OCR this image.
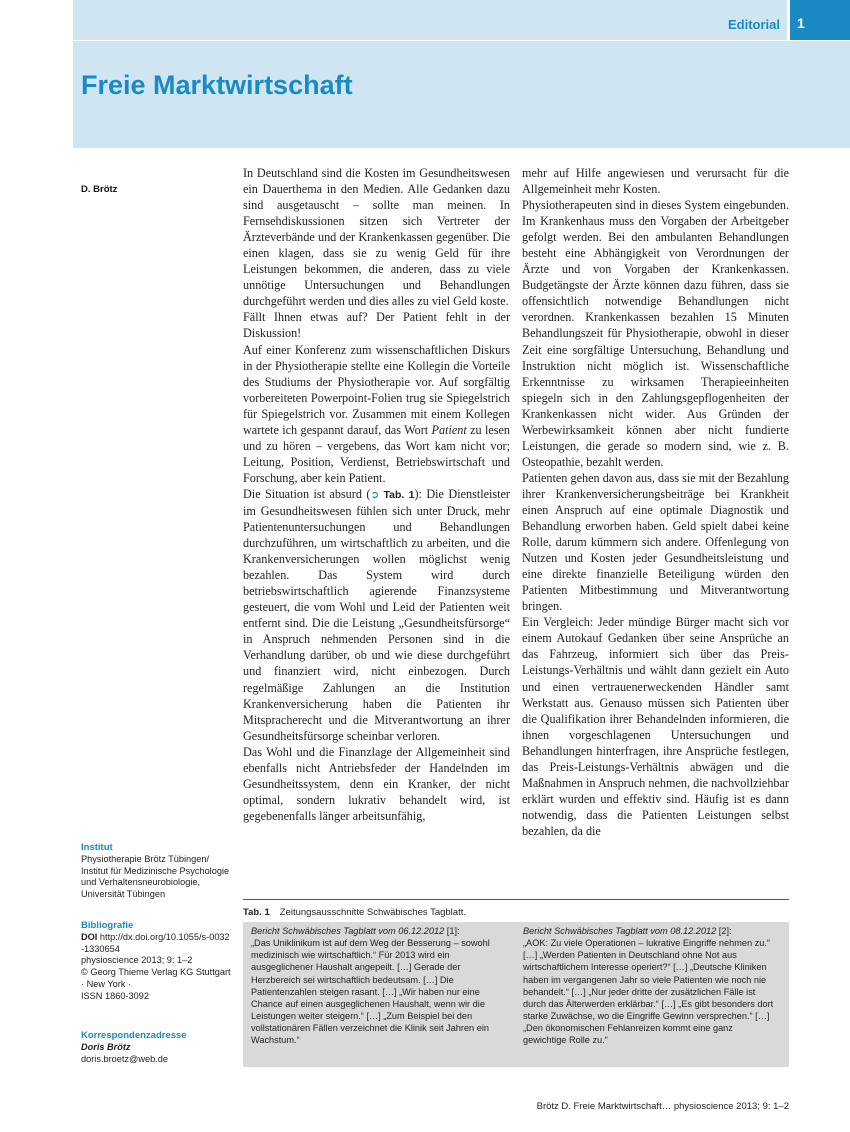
Editorial 1
Freie Marktwirtschaft
D. Brötz

In Deutschland sind die Kosten im Gesundheitswesen ein Dauerthema in den Medien. Alle Gedanken dazu sind ausgetauscht – sollte man meinen. In Fernsehdiskussionen sitzen sich Vertreter der Ärzteverbände und der Krankenkassen gegenüber. Die einen klagen, dass sie zu wenig Geld für ihre Leistungen bekommen, die anderen, dass zu viele unnötige Untersuchungen und Behandlungen durchgeführt werden und dies alles zu viel Geld koste.

Fällt Ihnen etwas auf? Der Patient fehlt in der Diskussion!

Auf einer Konferenz zum wissenschaftlichen Diskurs in der Physiotherapie stellte eine Kollegin die Vorteile des Studiums der Physiotherapie vor. Auf sorgfältig vorbereiteten Powerpoint-Folien trug sie Spiegelstrich für Spiegelstrich vor. Zusammen mit einem Kollegen wartete ich gespannt darauf, das Wort Patient zu lesen und zu hören – vergebens, das Wort kam nicht vor; Leitung, Position, Verdienst, Betriebswirtschaft und Forschung, aber kein Patient.

Die Situation ist absurd (➲ Tab. 1): Die Dienstleister im Gesundheitswesen fühlen sich unter Druck, mehr Patientenuntersuchungen und Behandlungen durchzuführen, um wirtschaftlich zu arbeiten, und die Krankenversicherungen wollen möglichst wenig bezahlen. Das System wird durch betriebswirtschaftlich agierende Finanzsysteme gesteuert, die vom Wohl und Leid der Patienten weit entfernt sind. Die die Leistung „Gesundheitsfürsorge“ in Anspruch nehmenden Personen sind in die Verhandlung darüber, ob und wie diese durchgeführt und finanziert wird, nicht einbezogen. Durch regelmäßige Zahlungen an die Institution Krankenversicherung haben die Patienten ihr Mitspracherecht und die Mitverantwortung an ihrer Gesundheitsfürsorge scheinbar verloren.

Das Wohl und die Finanzlage der Allgemeinheit sind ebenfalls nicht Antriebsfeder der Handelnden im Gesundheitssystem, denn ein Kranker, der nicht optimal, sondern lukrativ behandelt wird, ist gegebenenfalls länger arbeitsunfähig,

mehr auf Hilfe angewiesen und verursacht für die Allgemeinheit mehr Kosten.

Physiotherapeuten sind in dieses System eingebunden. Im Krankenhaus muss den Vorgaben der Arbeitgeber gefolgt werden. Bei den ambulanten Behandlungen besteht eine Abhängigkeit von Verordnungen der Ärzte und von Vorgaben der Krankenkassen. Budgetängste der Ärzte können dazu führen, dass sie offensichtlich notwendige Behandlungen nicht verordnen. Krankenkassen bezahlen 15 Minuten Behandlungszeit für Physiotherapie, obwohl in dieser Zeit eine sorgfältige Untersuchung, Behandlung und Instruktion nicht möglich ist. Wissenschaftliche Erkenntnisse zu wirksamen Therapieeinheiten spiegeln sich in den Zahlungsgepflogenheiten der Krankenkassen nicht wider. Aus Gründen der Werbewirksamkeit können aber nicht fundierte Leistungen, die gerade so modern sind, wie z. B. Osteopathie, bezahlt werden.

Patienten gehen davon aus, dass sie mit der Bezahlung ihrer Krankenversicherungsbeiträge bei Krankheit einen Anspruch auf eine optimale Diagnostik und Behandlung erworben haben. Geld spielt dabei keine Rolle, darum kümmern sich andere. Offenlegung von Nutzen und Kosten jeder Gesundheitsleistung und eine direkte finanzielle Beteiligung würden den Patienten Mitbestimmung und Mitverantwortung bringen.

Ein Vergleich: Jeder mündige Bürger macht sich vor einem Autokauf Gedanken über seine Ansprüche an das Fahrzeug, informiert sich über das Preis-Leistungs-Verhältnis und wählt dann gezielt ein Auto und einen vertrauenerweckenden Händler samt Werkstatt aus. Genauso müssen sich Patienten über die Qualifikation ihrer Behandelnden informieren, die ihnen vorgeschlagenen Untersuchungen und Behandlungen hinterfragen, ihre Ansprüche festlegen, das Preis-Leistungs-Verhältnis abwägen und die Maßnahmen in Anspruch nehmen, die nachvollziehbar erklärt wurden und effektiv sind. Häufig ist es dann notwendig, dass die Patienten Leistungen selbst bezahlen, da die

Institut
Physiotherapie Brötz Tübingen/ Institut für Medizinische Psychologie und Verhaltensneurobiologie, Universität Tübingen
Bibliografie
DOI http://dx.doi.org/10.1055/s-0032-1330654
physioscience 2013; 9: 1–2
© Georg Thieme Verlag KG Stuttgart · New York ·
ISSN 1860-3092
Korrespondenzadresse
Doris Brötz
doris.broetz@web.de
Tab. 1 Zeitungsausschnitte Schwäbisches Tagblatt.
Bericht Schwäbisches Tagblatt vom 06.12.2012 [1]:
„Das Uniklinikum ist auf dem Weg der Besserung – sowohl medizinisch wie wirtschaftlich.“ Für 2013 wird ein ausgeglichener Haushalt angepeilt. […] Gerade der Herzbereich sei wirtschaftlich bedeutsam. […] Die Patientenzahlen steigen rasant. […] „Wir haben nur eine Chance auf einen ausgeglichenen Haushalt, wenn wir die Leistungen weiter steigern.“ […] „Zum Beispiel bei den vollstationären Fällen verzeichnet die Klinik seit Jahren ein Wachstum.“
Bericht Schwäbisches Tagblatt vom 08.12.2012 [2]:
„AOK: Zu viele Operationen – lukrative Eingriffe nehmen zu.“ […] „Werden Patienten in Deutschland ohne Not aus wirtschaftlichem Interesse operiert?“ […] „Deutsche Kliniken haben im vergangenen Jahr so viele Patienten wie noch nie behandelt.“ […] „Nur jeder dritte der zusätzlichen Fälle ist durch das Älterwerden erklärbar.“ […] „Es gibt besonders dort starke Zuwächse, wo die Eingriffe Gewinn versprechen.“ […] „Den ökonomischen Fehlanreizen kommt eine ganz gewichtige Rolle zu.“
Brötz D. Freie Marktwirtschaft… physioscience 2013; 9: 1–2
